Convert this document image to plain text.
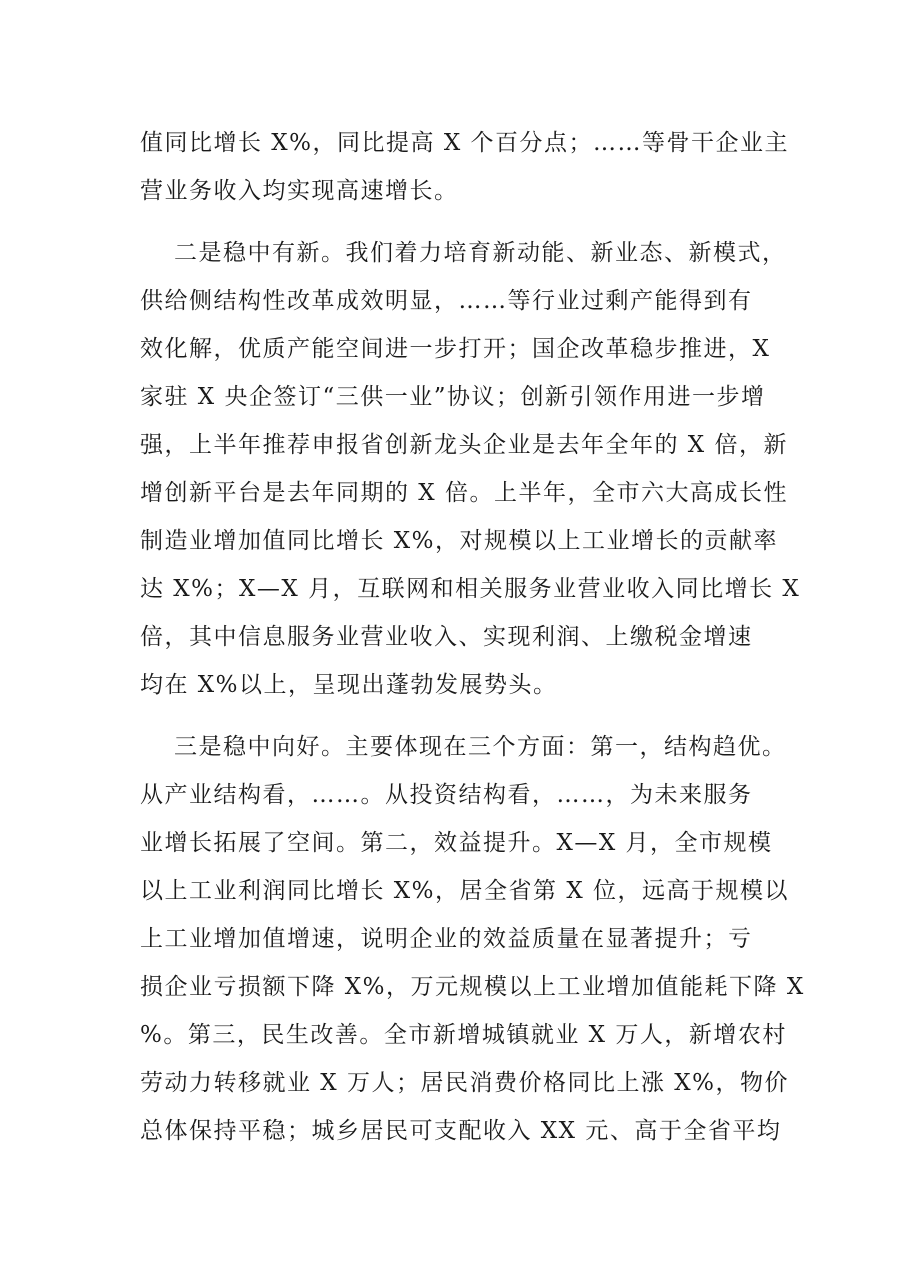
值同比增长 X%，同比提高 X 个百分点；……等骨干企业主
营业务收入均实现高速增长。
二是稳中有新。我们着力培育新动能、新业态、新模式，
供给侧结构性改革成效明显，……等行业过剩产能得到有
效化解，优质产能空间进一步打开；国企改革稳步推进，X
家驻 X 央企签订“三供一业”协议；创新引领作用进一步增
强，上半年推荐申报省创新龙头企业是去年全年的 X 倍，新
增创新平台是去年同期的 X 倍。上半年，全市六大高成长性
制造业增加值同比增长 X%，对规模以上工业增长的贡献率
达 X%；X—X 月，互联网和相关服务业营业收入同比增长 X
倍，其中信息服务业营业收入、实现利润、上缴税金增速
均在 X%以上，呈现出蓬勃发展势头。
三是稳中向好。主要体现在三个方面：第一，结构趋优。
从产业结构看，……。从投资结构看，……，为未来服务
业增长拓展了空间。第二，效益提升。X—X 月，全市规模
以上工业利润同比增长 X%，居全省第 X 位，远高于规模以
上工业增加值增速，说明企业的效益质量在显著提升；亏
损企业亏损额下降 X%，万元规模以上工业增加值能耗下降 X
%。第三，民生改善。全市新增城镇就业 X 万人，新增农村
劳动力转移就业 X 万人；居民消费价格同比上涨 X%，物价
总体保持平稳；城乡居民可支配收入 XX 元、高于全省平均
